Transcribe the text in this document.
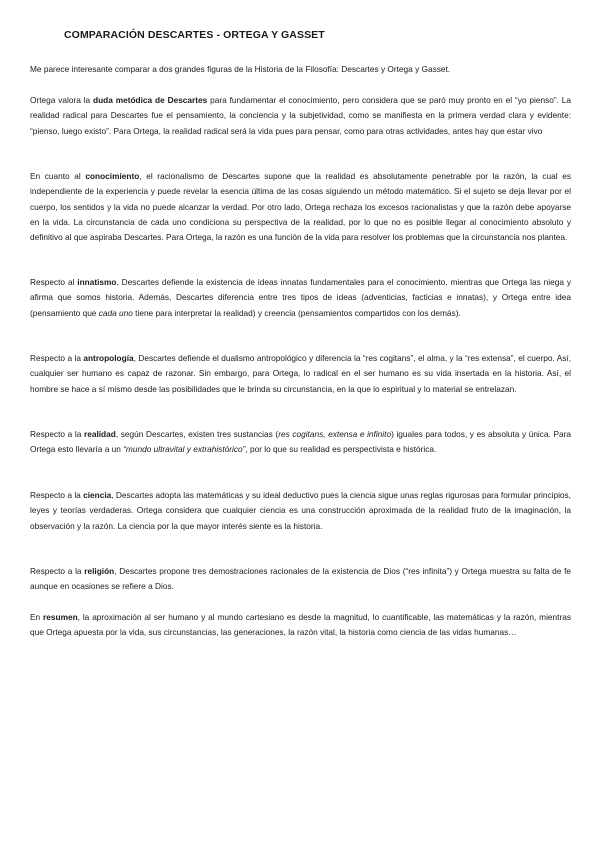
COMPARACIÓN DESCARTES - ORTEGA Y GASSET

Me parece interesante comparar a dos grandes figuras de la Historia de la Filosofía: Descartes y Ortega y Gasset.

Ortega valora la duda metódica de Descartes para fundamentar el conocimiento, pero considera que se paró muy pronto en el “yo pienso”. La realidad radical para Descartes fue el pensamiento, la conciencia y la subjetividad, como se manifiesta en la primera verdad clara y evidente: “pienso, luego existo”. Para Ortega, la realidad radical será la vida pues para pensar, como para otras actividades, antes hay que estar vivo

En cuanto al conocimiento, el racionalismo de Descartes supone que la realidad es absolutamente penetrable por la razón, la cual es independiente de la experiencia y puede revelar la esencia última de las cosas siguiendo un método matemático. Si el sujeto se deja llevar por el cuerpo, los sentidos y la vida no puede alcanzar la verdad. Por otro lado, Ortega rechaza los excesos racionalistas y que la razón debe apoyarse en la vida. La circunstancia de cada uno condiciona su perspectiva de la realidad, por lo que no es posible llegar al conocimiento absoluto y definitivo al que aspiraba Descartes. Para Ortega, la razón es una función de la vida para resolver los problemas que la circunstancia nos plantea.

Respecto al innatismo, Descartes defiende la existencia de ideas innatas fundamentales para el conocimiento, mientras que Ortega las niega y afirma que somos historia. Además, Descartes diferencia entre tres tipos de ideas (adventicias, facticias e innatas), y Ortega entre idea (pensamiento que cada uno tiene para interpretar la realidad) y creencia (pensamientos compartidos con los demás).

Respecto a la antropología, Descartes defiende el dualismo antropológico y diferencia la “res cogitans”, el alma, y la “res extensa”, el cuerpo. Así, cualquier ser humano es capaz de razonar. Sin embargo, para Ortega, lo radical en el ser humano es su vida insertada en la historia. Así, el hombre se hace a sí mismo desde las posibilidades que le brinda su circunstancia, en la que lo espiritual y lo material se entrelazan.

Respecto a la realidad, según Descartes, existen tres sustancias (res cogitans, extensa e infinito) iguales para todos, y es absoluta y única. Para Ortega esto llevaría a un “mundo ultravital y extrahistórico”, por lo que su realidad es perspectivista e histórica.

Respecto a la ciencia, Descartes adopta las matemáticas y su ideal deductivo pues la ciencia sigue unas reglas rigurosas para formular principios, leyes y teorías verdaderas. Ortega considera que cualquier ciencia es una construcción aproximada de la realidad fruto de la imaginación, la observación y la razón. La ciencia por la que mayor interés siente es la historia.

Respecto a la religión, Descartes propone tres demostraciones racionales de la existencia de Dios (“res infinita”) y Ortega muestra su falta de fe aunque en ocasiones se refiere a Dios.

En resumen, la aproximación al ser humano y al mundo cartesiano es desde la magnitud, lo cuantificable, las matemáticas y la razón, mientras que Ortega apuesta por la vida, sus circunstancias, las generaciones, la razón vital, la historia como ciencia de las vidas humanas…
